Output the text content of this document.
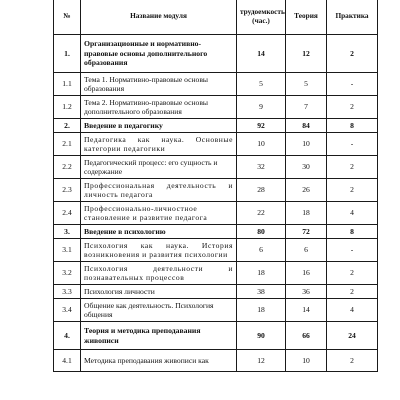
№	Название модуля	трудоемкость (час.)	Теория	Практика
1.	Организационные и нормативно-правовые основы дополнительного образования	14	12	2
1.1	Тема 1. Нормативно-правовые основы образования	5	5	-
1.2	Тема 2. Нормативно-правовые основы дополнительного образования	9	7	2
2.	Введение в педагогику	92	84	8
2.1	Педагогика как наука. Основные категории педагогики	10	10	-
2.2	Педагогический процесс: его сущность и содержание	32	30	2
2.3	Профессиональная деятельность и личность педагога	28	26	2
2.4	Профессионально-личностное становление и развитие педагога	22	18	4
3.	Введение в психологию	80	72	8
3.1	Психология как наука. История возникновения и развития психологии	6	6	-
3.2	Психология деятельности и познавательных процессов	18	16	2
3.3	Психология личности	38	36	2
3.4	Общение как деятельность. Психология общения	18	14	4
4.	Теория и методика преподавания живописи	90	66	24
4.1	Методика преподавания живописи как	12	10	2
